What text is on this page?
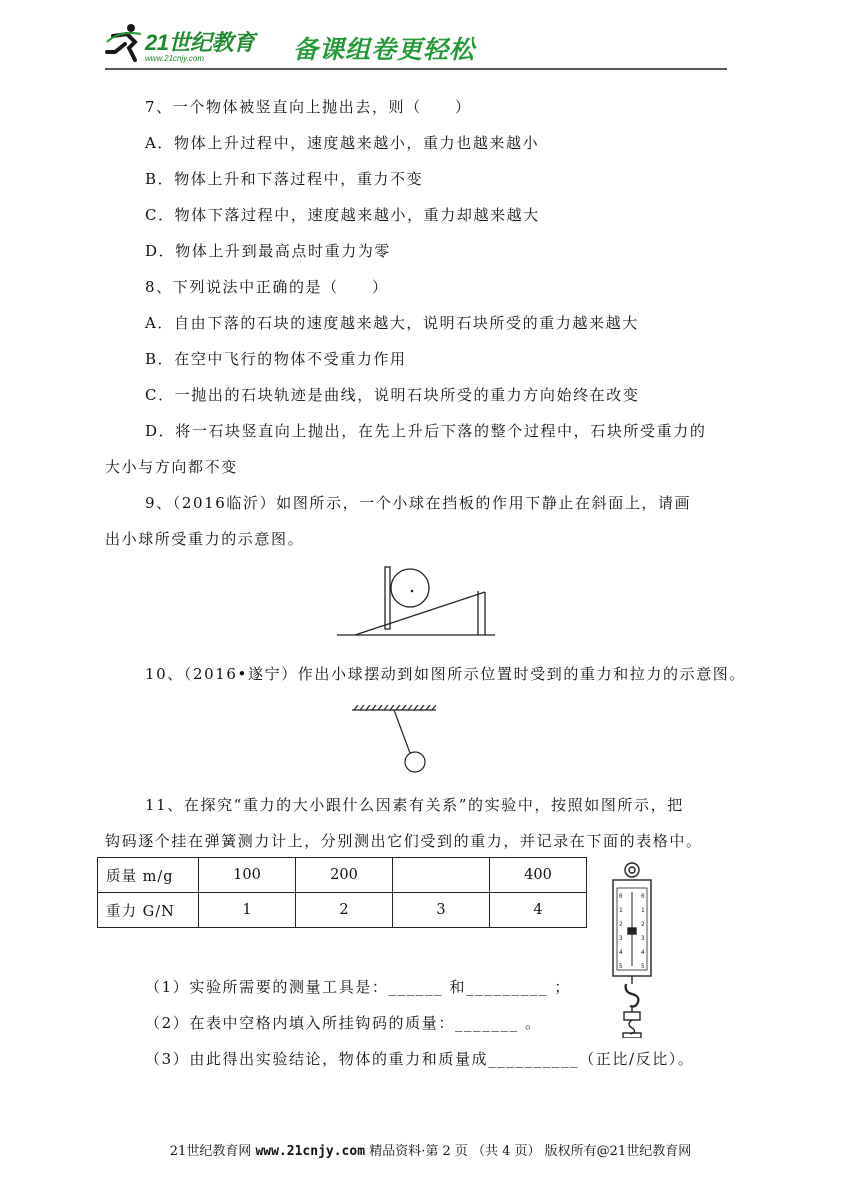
21世纪教育
www.21cnjy.com	备课组卷更轻松
7、一个物体被竖直向上抛出去，则（　　）
A．物体上升过程中，速度越来越小，重力也越来越小
B．物体上升和下落过程中，重力不变
C．物体下落过程中，速度越来越小，重力却越来越大
D．物体上升到最高点时重力为零
8、下列说法中正确的是（　　）
A．自由下落的石块的速度越来越大，说明石块所受的重力越来越大
B．在空中飞行的物体不受重力作用
C．一抛出的石块轨迹是曲线，说明石块所受的重力方向始终在改变
D．将一石块竖直向上抛出，在先上升后下落的整个过程中，石块所受重力的
大小与方向都不变
9、（2016临沂）如图所示，一个小球在挡板的作用下静止在斜面上，请画
出小球所受重力的示意图。
10、（2016•遂宁）作出小球摆动到如图所示位置时受到的重力和拉力的示意图。
11、在探究“重力的大小跟什么因素有关系”的实验中，按照如图所示，把
钩码逐个挂在弹簧测力计上，分别测出它们受到的重力，并记录在下面的表格中。
质量 m/g	100	200		400
重力 G/N	1	2	3	4
0	0
1	1
2	2
3	3
4	4
5	5
（1）实验所需要的测量工具是：______ 和_________ ；
（2）在表中空格内填入所挂钩码的质量：_______ 。
（3）由此得出实验结论，物体的重力和质量成__________（正比/反比）。
21世纪教育网 www.21cnjy.com 精品资料·第 2 页 （共 4 页） 版权所有@21世纪教育网
